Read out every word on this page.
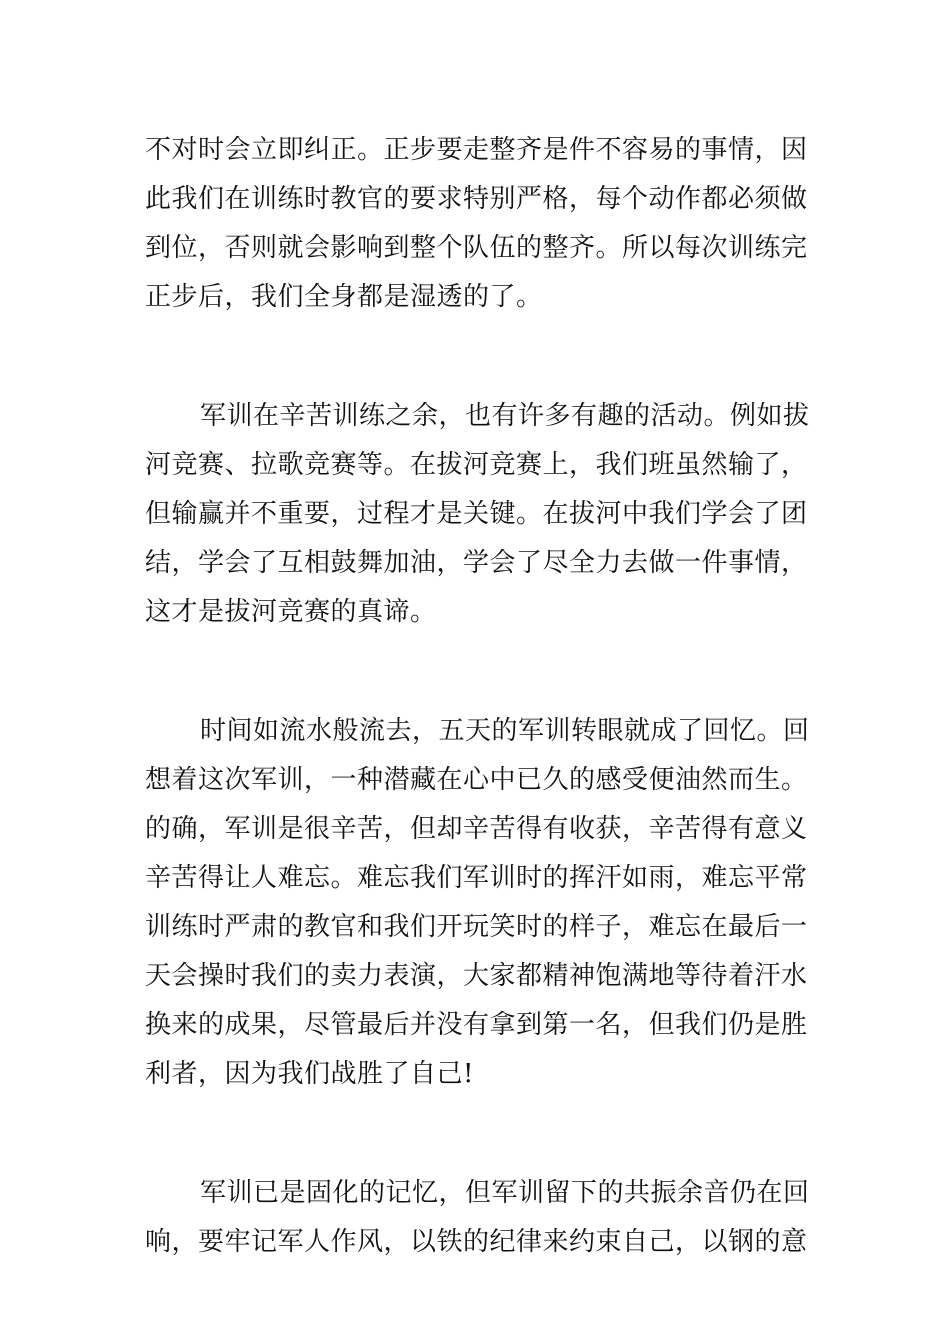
不对时会立即纠正。正步要走整齐是件不容易的事情，因
此我们在训练时教官的要求特别严格，每个动作都必须做
到位，否则就会影响到整个队伍的整齐。所以每次训练完
正步后，我们全身都是湿透的了。
军训在辛苦训练之余，也有许多有趣的活动。例如拔
河竞赛、拉歌竞赛等。在拔河竞赛上，我们班虽然输了，
但输赢并不重要，过程才是关键。在拔河中我们学会了团
结，学会了互相鼓舞加油，学会了尽全力去做一件事情，
这才是拔河竞赛的真谛。
时间如流水般流去，五天的军训转眼就成了回忆。回
想着这次军训，一种潜藏在心中已久的感受便油然而生。
的确，军训是很辛苦，但却辛苦得有收获，辛苦得有意义
辛苦得让人难忘。难忘我们军训时的挥汗如雨，难忘平常
训练时严肃的教官和我们开玩笑时的样子，难忘在最后一
天会操时我们的卖力表演，大家都精神饱满地等待着汗水
换来的成果，尽管最后并没有拿到第一名，但我们仍是胜
利者，因为我们战胜了自己!
军训已是固化的记忆，但军训留下的共振余音仍在回
响，要牢记军人作风，以铁的纪律来约束自己，以钢的意
